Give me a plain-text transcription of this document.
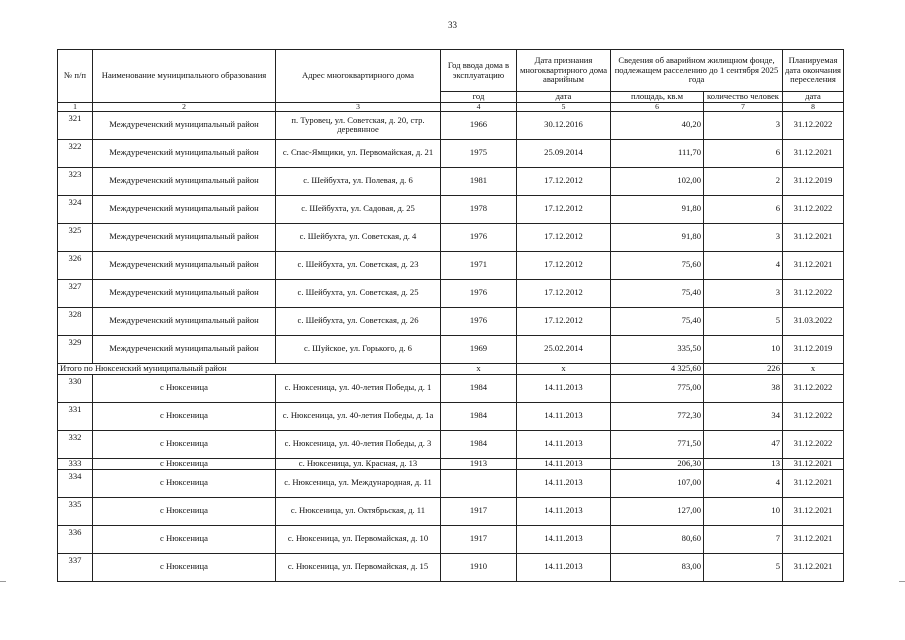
33
№ п/п	Наименование муниципального образования	Адрес многоквартирного дома	Год ввода дома в эксплуатацию	Дата признания многоквартирного дома аварийным	Сведения об аварийном жилищном фонде, подлежащем расселению до 1 сентября 2025 года		Планируемая дата окончания переселения
			год	дата	площадь, кв.м	количество человек	дата
1	2	3	4	5	6	7	8
321	Междуреченский муниципальный район	п. Туровец, ул. Советская, д. 20, стр. деревянное	1966	30.12.2016	40,20	3	31.12.2022
322	Междуреченский муниципальный район	с. Спас-Ямщики, ул. Первомайская, д. 21	1975	25.09.2014	111,70	6	31.12.2021
323	Междуреченский муниципальный район	с. Шейбухта, ул. Полевая, д. 6	1981	17.12.2012	102,00	2	31.12.2019
324	Междуреченский муниципальный район	с. Шейбухта, ул. Садовая, д. 25	1978	17.12.2012	91,80	6	31.12.2022
325	Междуреченский муниципальный район	с. Шейбухта, ул. Советская, д. 4	1976	17.12.2012	91,80	3	31.12.2021
326	Междуреченский муниципальный район	с. Шейбухта, ул. Советская, д. 23	1971	17.12.2012	75,60	4	31.12.2021
327	Междуреченский муниципальный район	с. Шейбухта, ул. Советская, д. 25	1976	17.12.2012	75,40	3	31.12.2022
328	Междуреченский муниципальный район	с. Шейбухта, ул. Советская, д. 26	1976	17.12.2012	75,40	5	31.03.2022
329	Междуреченский муниципальный район	с. Шуйское, ул. Горького, д. 6	1969	25.02.2014	335,50	10	31.12.2019
Итого по Нюксенский муниципальный район			x	x	4 325,60	226	x
330	с Нюксеница	с. Нюксеница, ул. 40-летия Победы, д. 1	1984	14.11.2013	775,00	38	31.12.2022
331	с Нюксеница	с. Нюксеница, ул. 40-летия Победы, д. 1а	1984	14.11.2013	772,30	34	31.12.2022
332	с Нюксеница	с. Нюксеница, ул. 40-летия Победы, д. 3	1984	14.11.2013	771,50	47	31.12.2022
333	с Нюксеница	с. Нюксеница, ул. Красная, д. 13	1913	14.11.2013	206,30	13	31.12.2021
334	с Нюксеница	с. Нюксеница, ул. Международная, д. 11		14.11.2013	107,00	4	31.12.2021
335	с Нюксеница	с. Нюксеница, ул. Октябрьская, д. 11	1917	14.11.2013	127,00	10	31.12.2021
336	с Нюксеница	с. Нюксеница, ул. Первомайская, д. 10	1917	14.11.2013	80,60	7	31.12.2021
337	с Нюксеница	с. Нюксеница, ул. Первомайская, д. 15	1910	14.11.2013	83,00	5	31.12.2021
